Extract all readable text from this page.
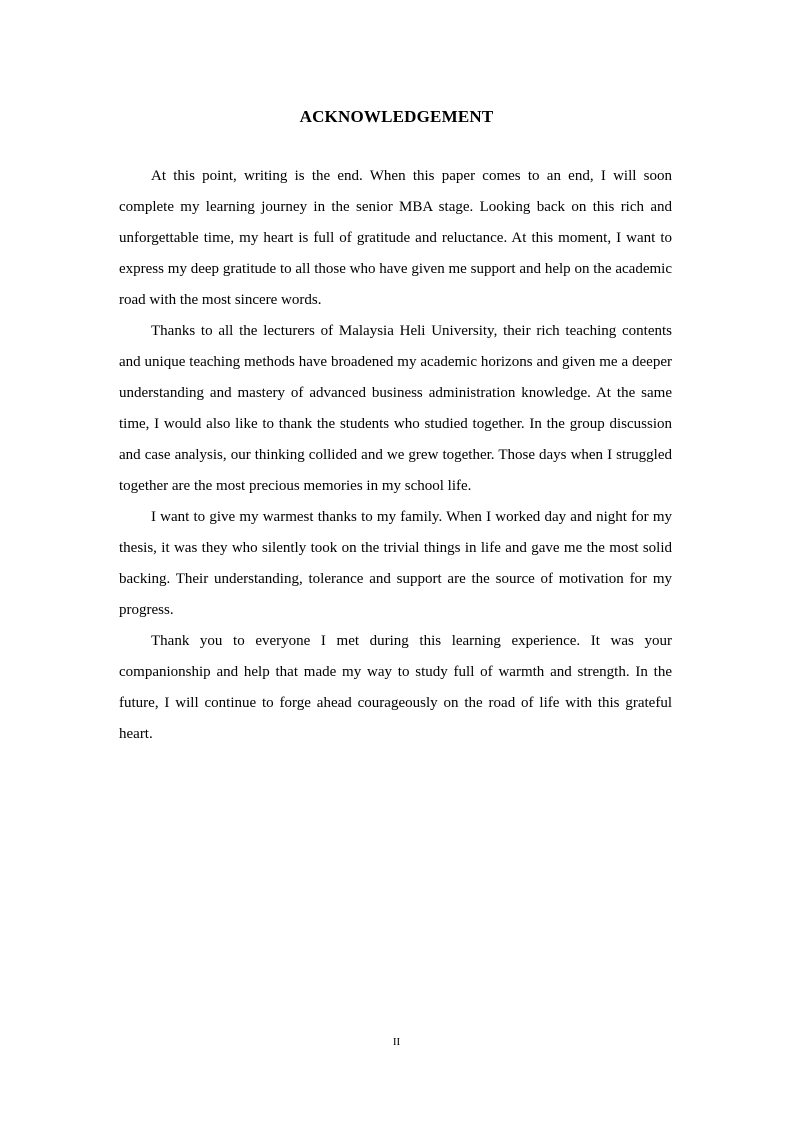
ACKNOWLEDGEMENT

At this point, writing is the end. When this paper comes to an end, I will soon complete my learning journey in the senior MBA stage. Looking back on this rich and unforgettable time, my heart is full of gratitude and reluctance. At this moment, I want to express my deep gratitude to all those who have given me support and help on the academic road with the most sincere words.

Thanks to all the lecturers of Malaysia Heli University, their rich teaching contents and unique teaching methods have broadened my academic horizons and given me a deeper understanding and mastery of advanced business administration knowledge. At the same time, I would also like to thank the students who studied together. In the group discussion and case analysis, our thinking collided and we grew together. Those days when I struggled together are the most precious memories in my school life.

I want to give my warmest thanks to my family. When I worked day and night for my thesis, it was they who silently took on the trivial things in life and gave me the most solid backing. Their understanding, tolerance and support are the source of motivation for my progress.

Thank you to everyone I met during this learning experience. It was your companionship and help that made my way to study full of warmth and strength. In the future, I will continue to forge ahead courageously on the road of life with this grateful heart.

II
